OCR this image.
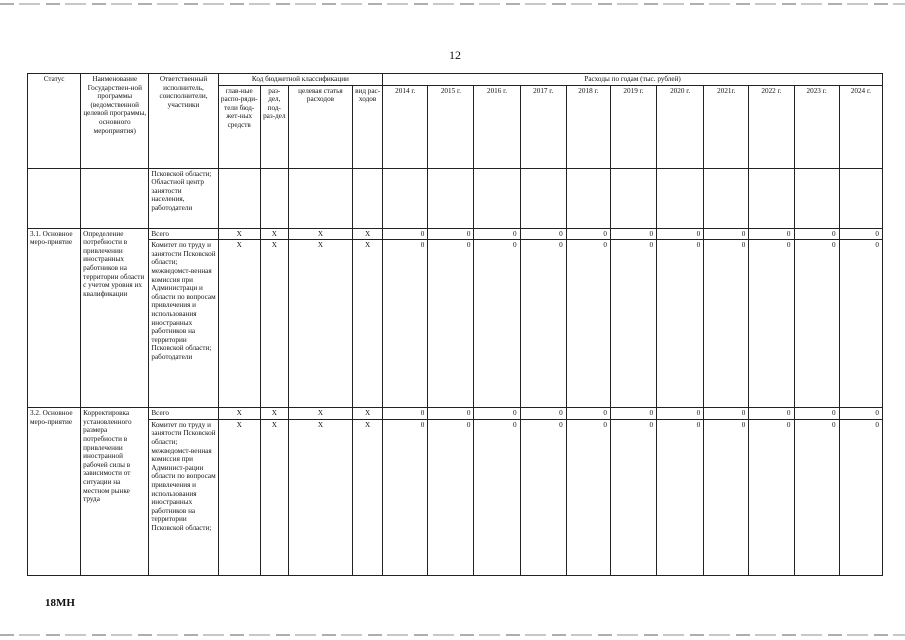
12
Статус	Наименование Государствен-ной программы (ведомственной целевой программы, основного мероприятия)	Ответственный исполнитель, соисполнители, участники	Код бюджетной классификации				Расходы по годам (тыс. рублей)										
			глав-ные распо-ряди-тели бюд-жет-ных средств	раз-дел, под-раз-дел	целевая статья расходов	вид рас-ходов	2014 г.	2015 г.	2016 г.	2017 г.	2018 г.	2019 г.	2020 г.	2021г.	2022 г.	2023 г.	2024 г.
		Псковской области; Областной центр занятости населения, работодатели															
3.1. Основное меро-приятие	Определение потребности в привлечении иностранных работников на территории области с учетом уровня их квалификации	Всего	X	X	X	X	0	0	0	0	0	0	0	0	0	0	0
		Комитет по труду и занятости Псковской области; межведомст-венная комиссия при Администраци и области по вопросам привлечения и использования иностранных работников на территории Псковской области; работодатели	X	X	X	X	0	0	0	0	0	0	0	0	0	0	0
3.2. Основное меро-приятие	Корректировка установленного размера потребности в привлечении иностранной рабочей силы в зависимости от ситуации на местном рынке труда	Всего	X	X	X	X	0	0	0	0	0	0	0	0	0	0	0
		Комитет по труду и занятости Псковской области; межведомст-венная комиссия при Админист-рации области по вопросам привлечения и использования иностранных работников на территории Псковской области;	X	X	X	X	0	0	0	0	0	0	0	0	0	0	0
18МН
